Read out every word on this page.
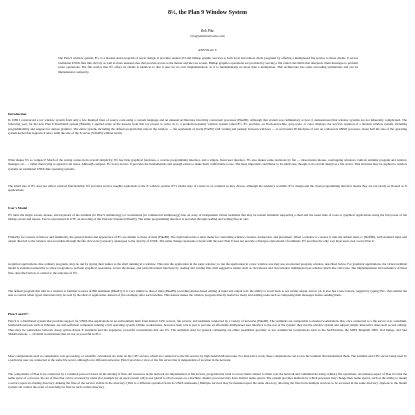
8½, the Plan 9 Window System
Rob Pike
rob@plan9.bell-labs.com
ABSTRACT
The Plan 9 window system, 8½, is a modest-sized program of novel design. It provides textual I/O and bitmap graphic services to both local and remote client programs by offering a multiplexed file service to those clients. It serves traditional UNIX files like /dev/tty as well as more unusual ones that provide access to the mouse and the raw screen. Bitmap graphics operations are provided by serving a file called /dev/bitblt that interprets client messages to perform raster operations. The file service that 8½ offers its clients is identical to that it uses for its own implementation, so it is fundamentally no more than a multiplexer. This architecture has some rewarding symmetries and can be implemented compactly.
Introduction
In 1989 I constructed a toy window system from only a few hundred lines of source code using a custom language and an unusual architecture involving concurrent processes [Pike89]. Although that system was rudimentary at best, it demonstrated that window systems are not inherently complicated. The following year, for the new Plan 9 distributed system [Pike92], I applied some of the lessons from that toy project to write, in C, a production-quality window system called 8½. 8½ provides, on black-and-white, grey-scale, or color displays, the services required of a modern window system, including programmability and support for remote graphics. The entire system, including the default program that runs in the window — the equivalent of xterm [Far89] with 'cutting and pasting' between windows — is well under 90 kilobytes of text on a Motorola 68020 processor, about half the size of the operating system kernel that supports it and a tenth the size of the X server [Sche86] without xterm.
What makes 8½ so compact? Much of the saving comes from overall simplicity: 8½ has little graphical fanciness, a concise programming interface, and a simple, fixed user interface. 8½ also makes some decisions by fiat — three-button mouse, overlapping windows, built-in terminal program and window manager, etc. — rather than trying to appeal to all tastes. Although compact, 8½ is not ascetic. It provides the fundamentals and enough extras to make them comfortable to use. The most important contributor to its small size, though, is its overall design as a file server. This structure may be applied to window systems on traditional UNIX-like operating systems.
The small size of 8½ does not reflect reduced functionality: 8½ provides service roughly equivalent to the X window system. 8½'s clients may of course be as complex as they choose, although the tendency to mimic 8½'s design and the clean programming interface means they are not nearly as bloated as X applications.
User's Model
8½ turns the single screen, mouse, and keyboard of the terminal (in Plan 9 terminology) or workstation (in commercial terminology) into an array of independent virtual terminals that may be textual terminals supporting a shell and the usual suite of tools or graphical applications using the full power of the bitmap screen and mouse. Text is represented in UTF, an encoding of the Unicode Standard [Pike93]. The entire programming interface is provided through reading and writing files in /dev.
Primarily for reasons of history and familiarity, the general model and appearance of 8½ are similar to those of mux [Pike88]. The right button has a short menu for controlling window creation, destruction, and placement. When a window is created, it runs the default shell, rc [Duff90], with standard input and output directed to the window and accessible through the file /dev/cons ('console'), analogous to the /dev/tty of UNIX. The name change represents a break with the past: Plan 9 does not provide a Teletype-style model of terminals. 8½ provides the only way most users ever access Plan 9.
Graphical applications, like ordinary programs, may be run by typing their names to the shell running in a window. This runs the application in the same window; to run the application in a new window one may use an external program, window, described below. For graphical applications, the virtual terminal model is extended somewhat to allow programs to perform graphical operations, access the mouse, and perform related functions by reading and writing files with suggestive names such as /dev/mouse and /dev/window multiplexed per-window much like /dev/cons. The implementation and semantics of these files, described below, is central to the structure of 8½.
The default program that runs in a window is familiar to users of Blit terminals [Pike83]. It is very similar to that of mux [Pike88], providing mouse-based editing of input and output text, the ability to scroll back to see earlier output, and so on. It also has a new feature, toggled by typing ESC, that enables the user to control when typed characters may be read by the shell or application, instead of (for example) after each newline. This feature makes the window program directly useful for many text-editing tasks such as composing mail messages before sending them.
Plan 9 and 8½
Plan 9 is a distributed system that provides support for UNIX-like applications in an environment built from distinct CPU servers, file servers, and terminals connected by a variety of networks [Pike90]. The terminals are comparable to modest workstations that, once connected to a file server over a medium-bandwidth network such as Ethernet, are self-sufficient computers running a full operating system. Unlike workstations, however, their role is just to provide an affordable multiplexed user interface to the rest of the system: they run the window system and support simple interactive tasks such as text editing. Thus they lie somewhere between cheap syntax-driven X terminals and the expensive, powerful workstations that run 8½. The terminals used for general computing are either assembled specially or use commercial workstations such as the NeXTstation, the MIPS Magnum 3000, SGI Indigo, and Sun SPARCstations — all small workstations that are not as powerful as PCs.
Most computations such as compilation, text processing, or scientific calculation are done on the CPU servers, which are connected to the file servers by high-bandwidth networks. For interactive work, these computations can access the terminal that instantiated them. The terminal and CPU server being used by a particular user are connected to the same file server, although over different networks; Plan 9 provides a view of the file server that is independent of location in the network.
The components of Plan 9 are connected by a common protocol based on the sharing of files. All resources in the network are implemented as file servers; programs that wish to access them connect to them over the network and communicate using ordinary file operations. An unusual aspect of Plan 9 is that the name space of a process, the set of files that can be accessed by name (for example by an open system call) is not global to all processes on a machine; distinct processes may have distinct name spaces. The system provides methods by which processes may change their name spaces, such as the ability to mount a service upon an existing directory, making the files of the service visible in the directory. (This is a different operation from its UNIX namesake.) Multiple services may be mounted upon the same directory, allowing the files from multiple services to be accessed in the same directory. Options to the mount system call control the order of searching for files in such a union directory.
